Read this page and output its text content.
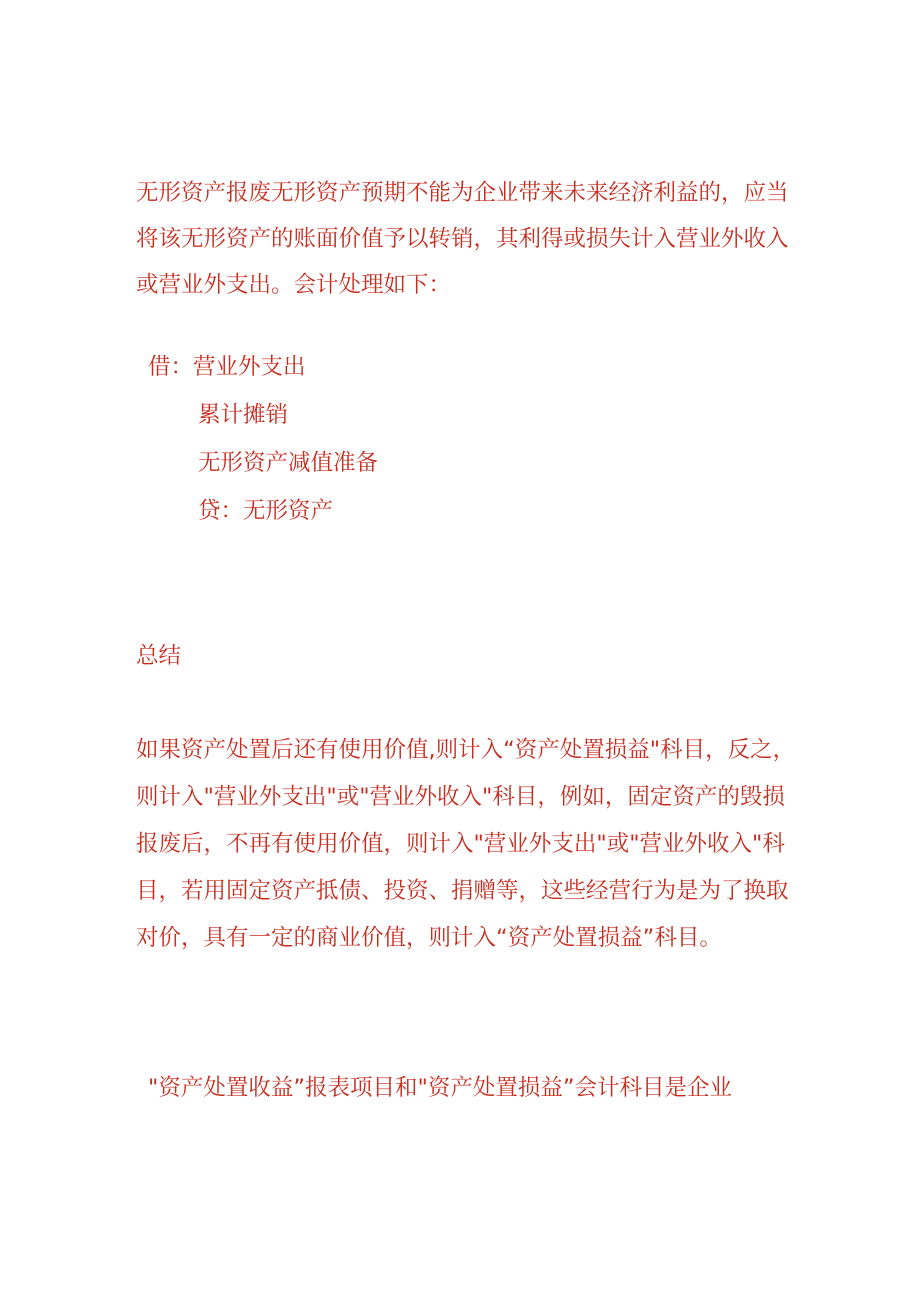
无形资产报废无形资产预期不能为企业带来未来经济利益的，应当将该无形资产的账面价值予以转销，其利得或损失计入营业外收入或营业外支出。会计处理如下：

借：营业外支出
累计摊销
无形资产减值准备
贷：无形资产
总结

如果资产处置后还有使用价值,则计入“资产处置损益"科目，反之，则计入"营业外支出"或"营业外收入"科目，例如，固定资产的毁损报废后，不再有使用价值，则计入"营业外支出"或"营业外收入"科目，若用固定资产抵债、投资、捐赠等，这些经营行为是为了换取对价，具有一定的商业价值，则计入“资产处置损益”科目。

"资产处置收益”报表项目和"资产处置损益”会计科目是企业
